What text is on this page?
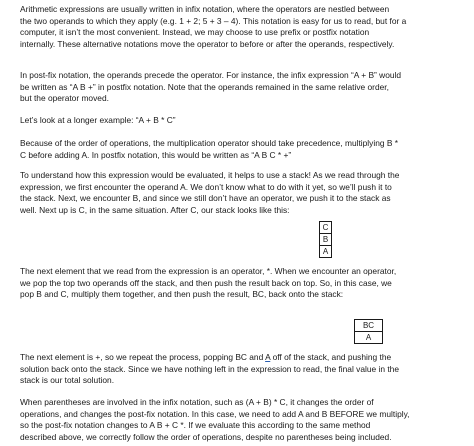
Arithmetic expressions are usually written in infix notation, where the operators are nestled between
the two operands to which they apply (e.g. 1 + 2; 5 + 3 – 4). This notation is easy for us to read, but for a
computer, it isn’t the most convenient. Instead, we may choose to use prefix or postfix notation
internally. These alternative notations move the operator to before or after the operands, respectively.
In post-fix notation, the operands precede the operator. For instance, the infix expression “A + B” would
be written as “A B +” in postfix notation. Note that the operands remained in the same relative order,
but the operator moved.
Let’s look at a longer example: “A + B * C”
Because of the order of operations, the multiplication operator should take precedence, multiplying B *
C before adding A. In postfix notation, this would be written as “A B C * +”
To understand how this expression would be evaluated, it helps to use a stack! As we read through the
expression, we first encounter the operand A. We don’t know what to do with it yet, so we’ll push it to
the stack. Next, we encounter B, and since we still don’t have an operator, we push it to the stack as
well. Next up is C, in the same situation. After C, our stack looks like this:
C
B
A
The next element that we read from the expression is an operator, *. When we encounter an operator,
we pop the top two operands off the stack, and then push the result back on top. So, in this case, we
pop B and C, multiply them together, and then push the result, BC, back onto the stack:
BC
A
The next element is +, so we repeat the process, popping BC and A off of the stack, and pushing the
solution back onto the stack. Since we have nothing left in the expression to read, the final value in the
stack is our total solution.
When parentheses are involved in the infix notation, such as (A + B) * C, it changes the order of
operations, and changes the post-fix notation. In this case, we need to add A and B BEFORE we multiply,
so the post-fix notation changes to A B + C *. If we evaluate this according to the same method
described above, we correctly follow the order of operations, despite no parentheses being included.
